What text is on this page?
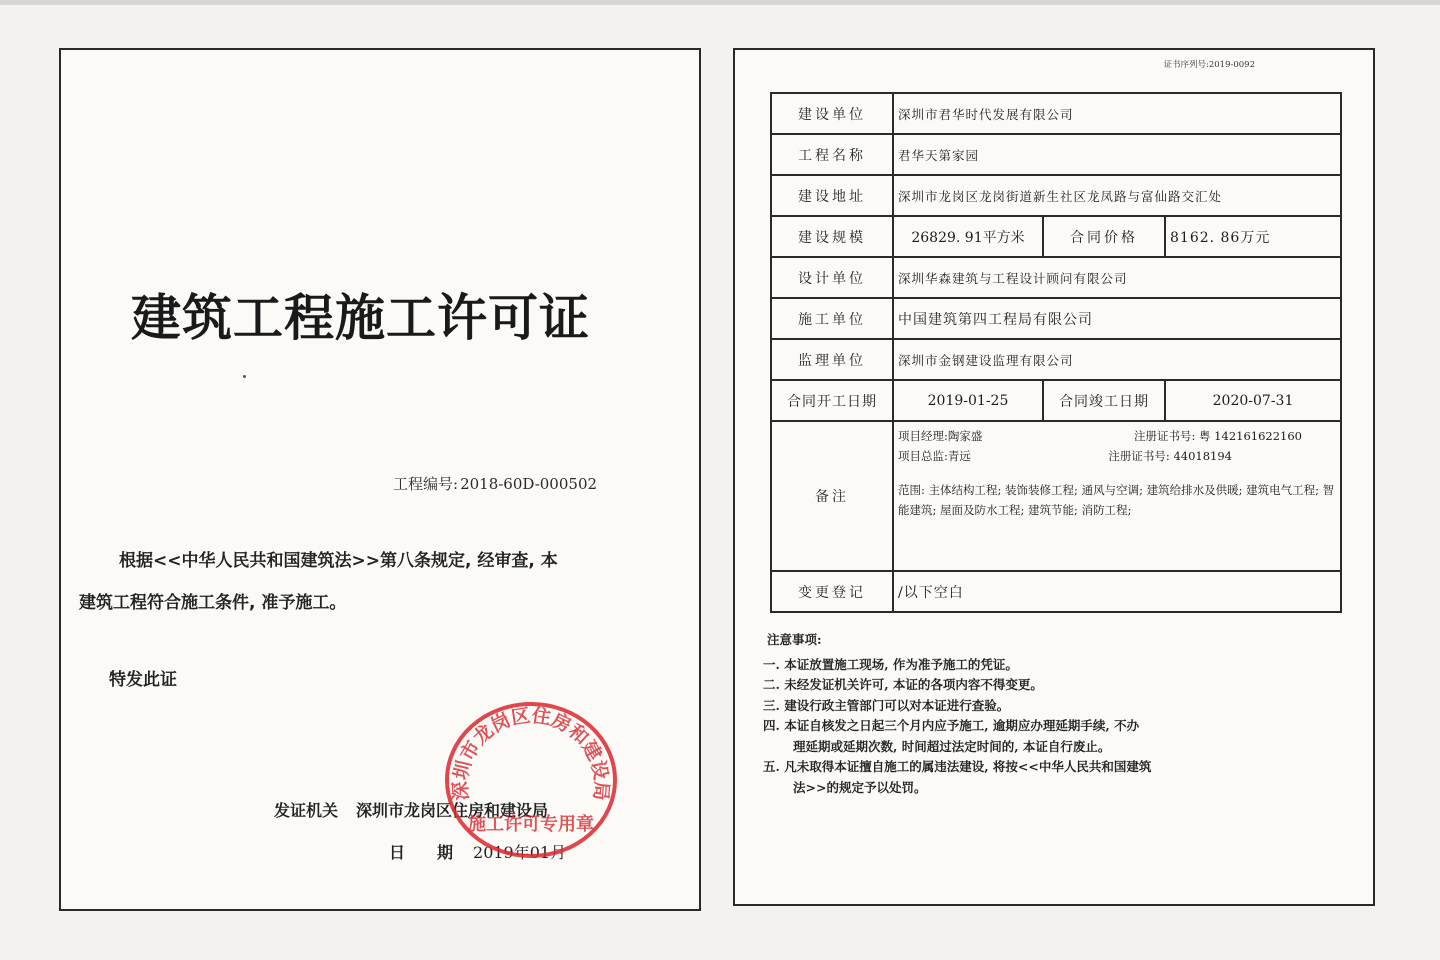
建筑工程施工许可证
工程编号: 2018-60D-000502
根据<<中华人民共和国建筑法>>第八条规定, 经审查, 本
建筑工程符合施工条件, 准予施工。
特发此证
发证机关 深圳市龙岗区住房和建设局
日　　期 2019年01月
深圳市龙岗区住房和建设局
施工许可专用章
证书序列号:2019-0092
建设单位	深圳市君华时代发展有限公司		
工程名称	君华天第家园		
建设地址	深圳市龙岗区龙岗街道新生社区龙凤路与富仙路交汇处		
建设规模	26829. 91平方米	合同价格	8162. 86万元
设计单位	深圳华森建筑与工程设计顾问有限公司		
施工单位	中国建筑第四工程局有限公司		
监理单位	深圳市金钢建设监理有限公司		
合同开工日期	2019-01-25	合同竣工日期	2020-07-31
备注	项目经理:陶家盛 注册证书号: 粤 142161622160
项目总监:青远 注册证书号: 44018194
范围: 主体结构工程; 装饰装修工程; 通风与空调; 建筑给排水及供暖; 建筑电气工程; 智能建筑; 屋面及防水工程; 建筑节能; 消防工程;		

变更登记	/以下空白		
注意事项:
一. 本证放置施工现场, 作为准予施工的凭证。
二. 未经发证机关许可, 本证的各项内容不得变更。
三. 建设行政主管部门可以对本证进行查验。
四. 本证自核发之日起三个月内应予施工, 逾期应办理延期手续, 不办
理延期或延期次数, 时间超过法定时间的, 本证自行废止。
五. 凡未取得本证擅自施工的属违法建设, 将按<<中华人民共和国建筑
法>>的规定予以处罚。
